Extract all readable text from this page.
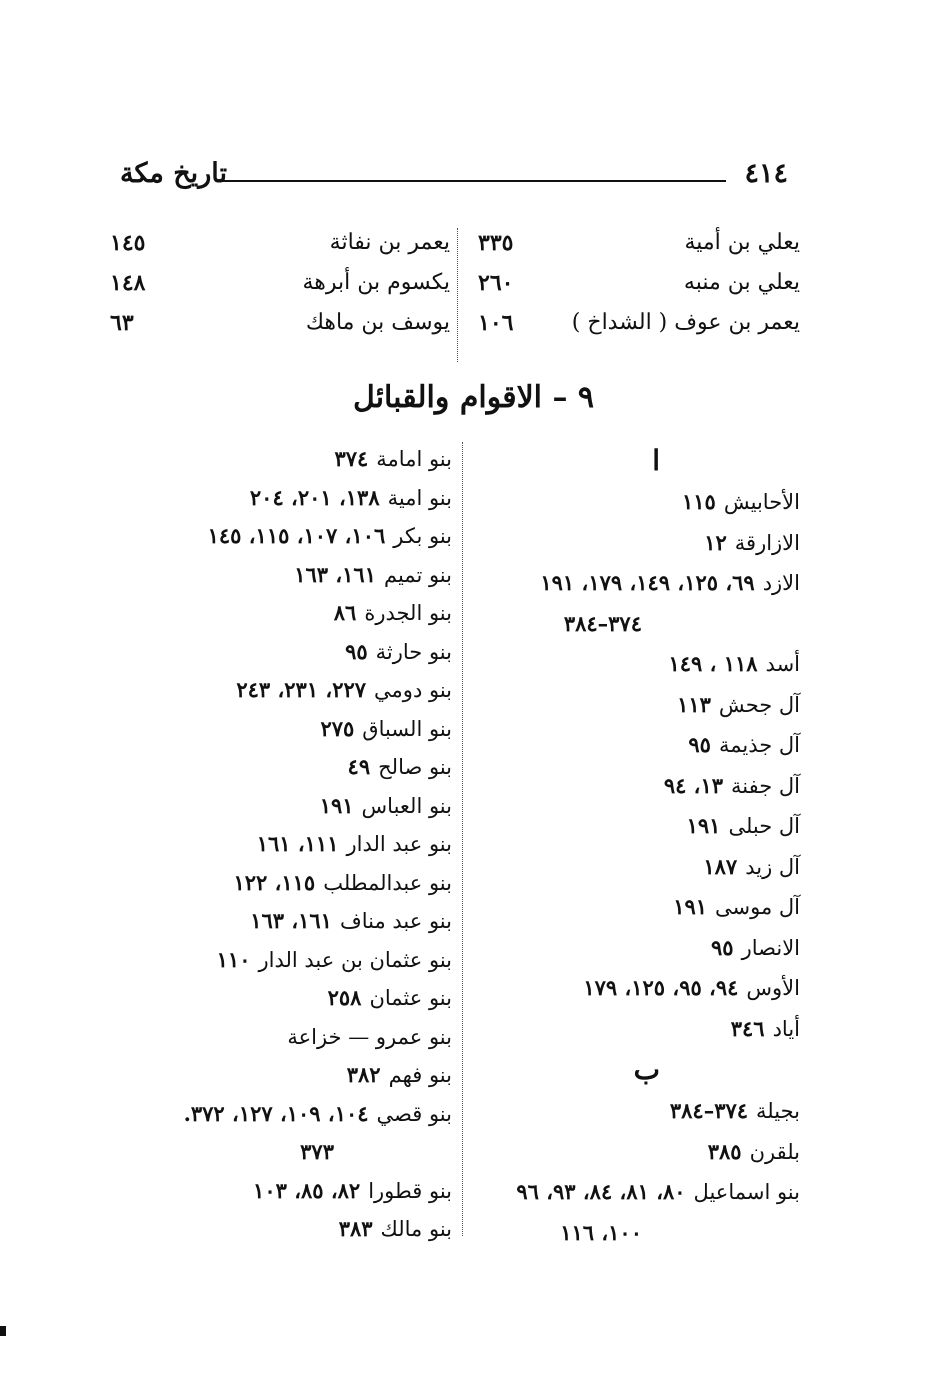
تاريخ مكة	٤١٤
يعلي بن أمية
٣٣٥
يعلي بن منبه
٢٦٠
يعمر بن عوف ( الشداخ )
١٠٦
يعمر بن نفاثة
١٤٥
يكسوم بن أبرهة
١٤٨
يوسف بن ماهك
٦٣
٩ – الاقوام والقبائل
ا
الأحابيش١١٥
الازارقة١٢
الازد٦٩، ١٢٥، ١٤٩، ١٧٩، ١٩١
٣٧٤–٣٨٤
أسد١١٨ ، ١٤٩
آل جحش١١٣
آل جذيمة٩٥
آل جفنة١٣، ٩٤
آل حبلى١٩١
آل زيد١٨٧
آل موسى١٩١
الانصار٩٥
الأوس٩٤، ٩٥، ١٢٥، ١٧٩
أياد٣٤٦
ب
بجيلة٣٧٤–٣٨٤
بلقرن٣٨٥
بنو اسماعيل٨٠، ٨١، ٨٤، ٩٣، ٩٦
١٠٠، ١١٦
بنو امامة٣٧٤
بنو امية١٣٨، ٢٠١، ٢٠٤
بنو بكر١٠٦، ١٠٧، ١١٥، ١٤٥
بنو تميم١٦١، ١٦٣
بنو الجدرة٨٦
بنو حارثة٩٥
بنو دومي٢٢٧، ٢٣١، ٢٤٣
بنو السباق٢٧٥
بنو صالح٤٩
بنو العباس١٩١
بنو عبد الدار١١١، ١٦١
بنو عبدالمطلب١١٥، ١٢٢
بنو عبد مناف١٦١، ١٦٣
بنو عثمان بن عبد الدار١١٠
بنو عثمان٢٥٨
بنو عمرو — خزاعة
بنو فهم٣٨٢
بنو قصي١٠٤، ١٠٩، ١٢٧، ٣٧٢.
٣٧٣
بنو قطورا٨٢، ٨٥، ١٠٣
بنو مالك٣٨٣
